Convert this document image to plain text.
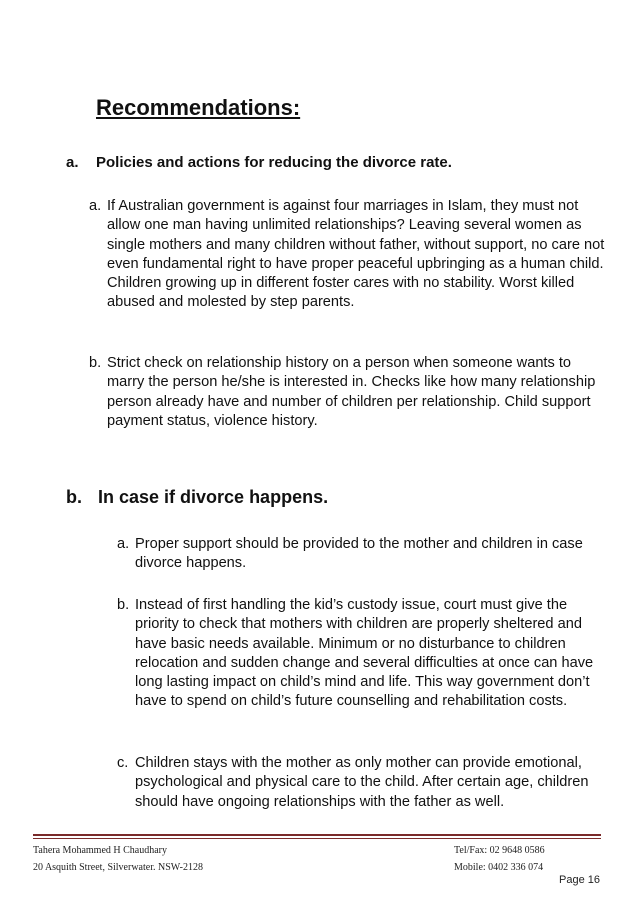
Recommendations:
a. Policies and actions for reducing the divorce rate.
a. If Australian government is against four marriages in Islam, they must not allow one man having unlimited relationships? Leaving several women as single mothers and many children without father, without support, no care not even fundamental right to have proper peaceful upbringing as a human child. Children growing up in different foster cares with no stability. Worst killed abused and molested by step parents.
b. Strict check on relationship history on a person when someone wants to marry the person he/she is interested in. Checks like how many relationship person already have and number of children per relationship. Child support payment status, violence history.
b. In case if divorce happens.
a. Proper support should be provided to the mother and children in case divorce happens.
b. Instead of first handling the kid’s custody issue, court must give the priority to check that mothers with children are properly sheltered and have basic needs available. Minimum or no disturbance to children relocation and sudden change and several difficulties at once can have long lasting impact on child’s mind and life. This way government don’t have to spend on child’s future counselling and rehabilitation costs.
c. Children stays with the mother as only mother can provide emotional, psychological and physical care to the child. After certain age, children should have ongoing relationships with the father as well.
Tahera Mohammed H Chaudhary
20 Asquith Street, Silverwater. NSW-2128
Tel/Fax: 02 9648 0586
Mobile: 0402 336 074
Page 16
